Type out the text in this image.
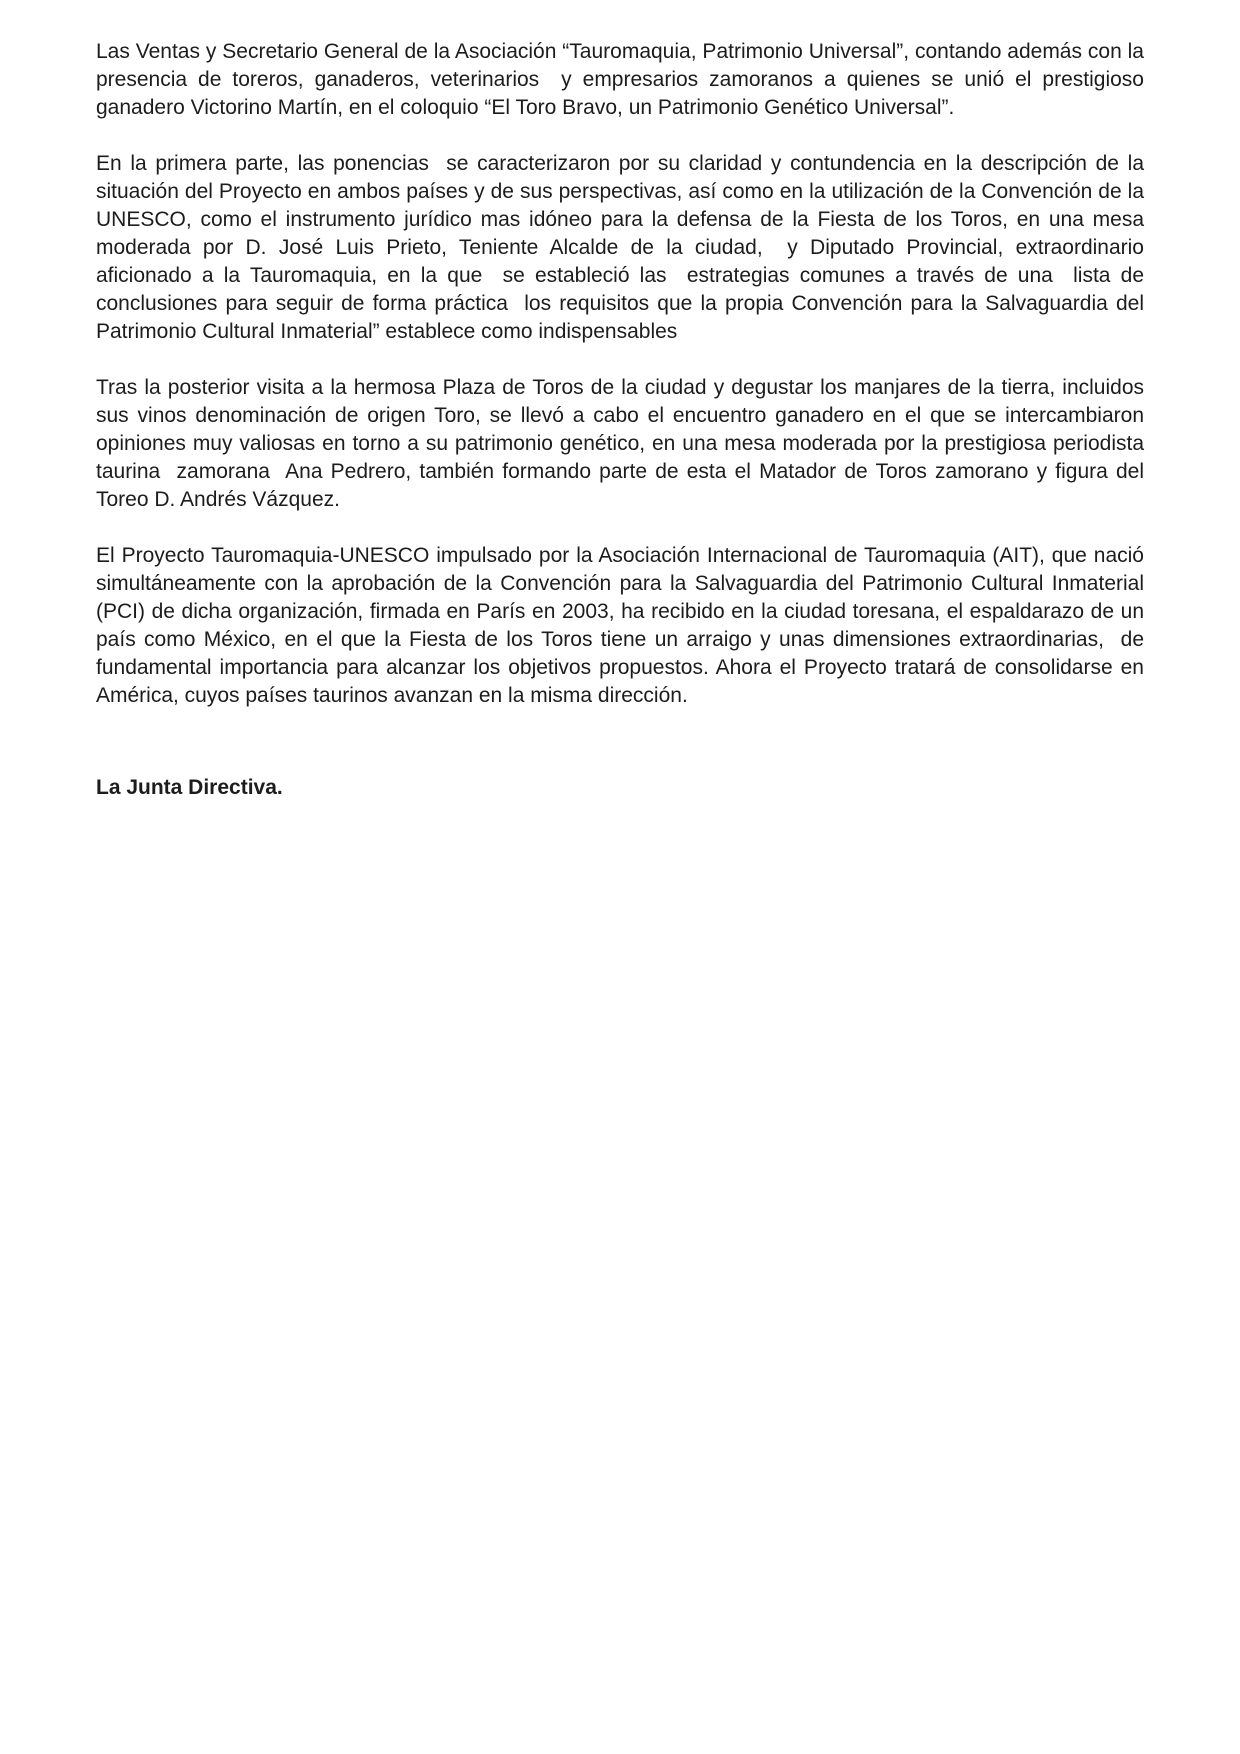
Las Ventas y Secretario General de la Asociación “Tauromaquia, Patrimonio Universal”, contando además con la presencia de toreros, ganaderos, veterinarios  y empresarios zamoranos a quienes se unió el prestigioso ganadero Victorino Martín, en el coloquio “El Toro Bravo, un Patrimonio Genético Universal”.

En la primera parte, las ponencias  se caracterizaron por su claridad y contundencia en la descripción de la situación del Proyecto en ambos países y de sus perspectivas, así como en la utilización de la Convención de la UNESCO, como el instrumento jurídico mas idóneo para la defensa de la Fiesta de los Toros, en una mesa  moderada por D. José Luis Prieto, Teniente Alcalde de la ciudad,  y Diputado Provincial, extraordinario aficionado a la Tauromaquia, en la que  se estableció las  estrategias comunes a través de una  lista de conclusiones para seguir de forma práctica  los requisitos que la propia Convención para la Salvaguardia del Patrimonio Cultural Inmaterial” establece como indispensables

Tras la posterior visita a la hermosa Plaza de Toros de la ciudad y degustar los manjares de la tierra, incluidos sus vinos denominación de origen Toro, se llevó a cabo el encuentro ganadero en el que se intercambiaron opiniones muy valiosas en torno a su patrimonio genético, en una mesa moderada por la prestigiosa periodista taurina  zamorana  Ana Pedrero, también formando parte de esta el Matador de Toros zamorano y figura del Toreo D. Andrés Vázquez.

El Proyecto Tauromaquia-UNESCO impulsado por la Asociación Internacional de Tauromaquia (AIT), que nació simultáneamente con la aprobación de la Convención para la Salvaguardia del Patrimonio Cultural Inmaterial (PCI) de dicha organización, firmada en París en 2003, ha recibido en la ciudad toresana, el espaldarazo de un país como México, en el que la Fiesta de los Toros tiene un arraigo y unas dimensiones extraordinarias,  de fundamental importancia para alcanzar los objetivos propuestos. Ahora el Proyecto tratará de consolidarse en América, cuyos países taurinos avanzan en la misma dirección.

La Junta Directiva.
